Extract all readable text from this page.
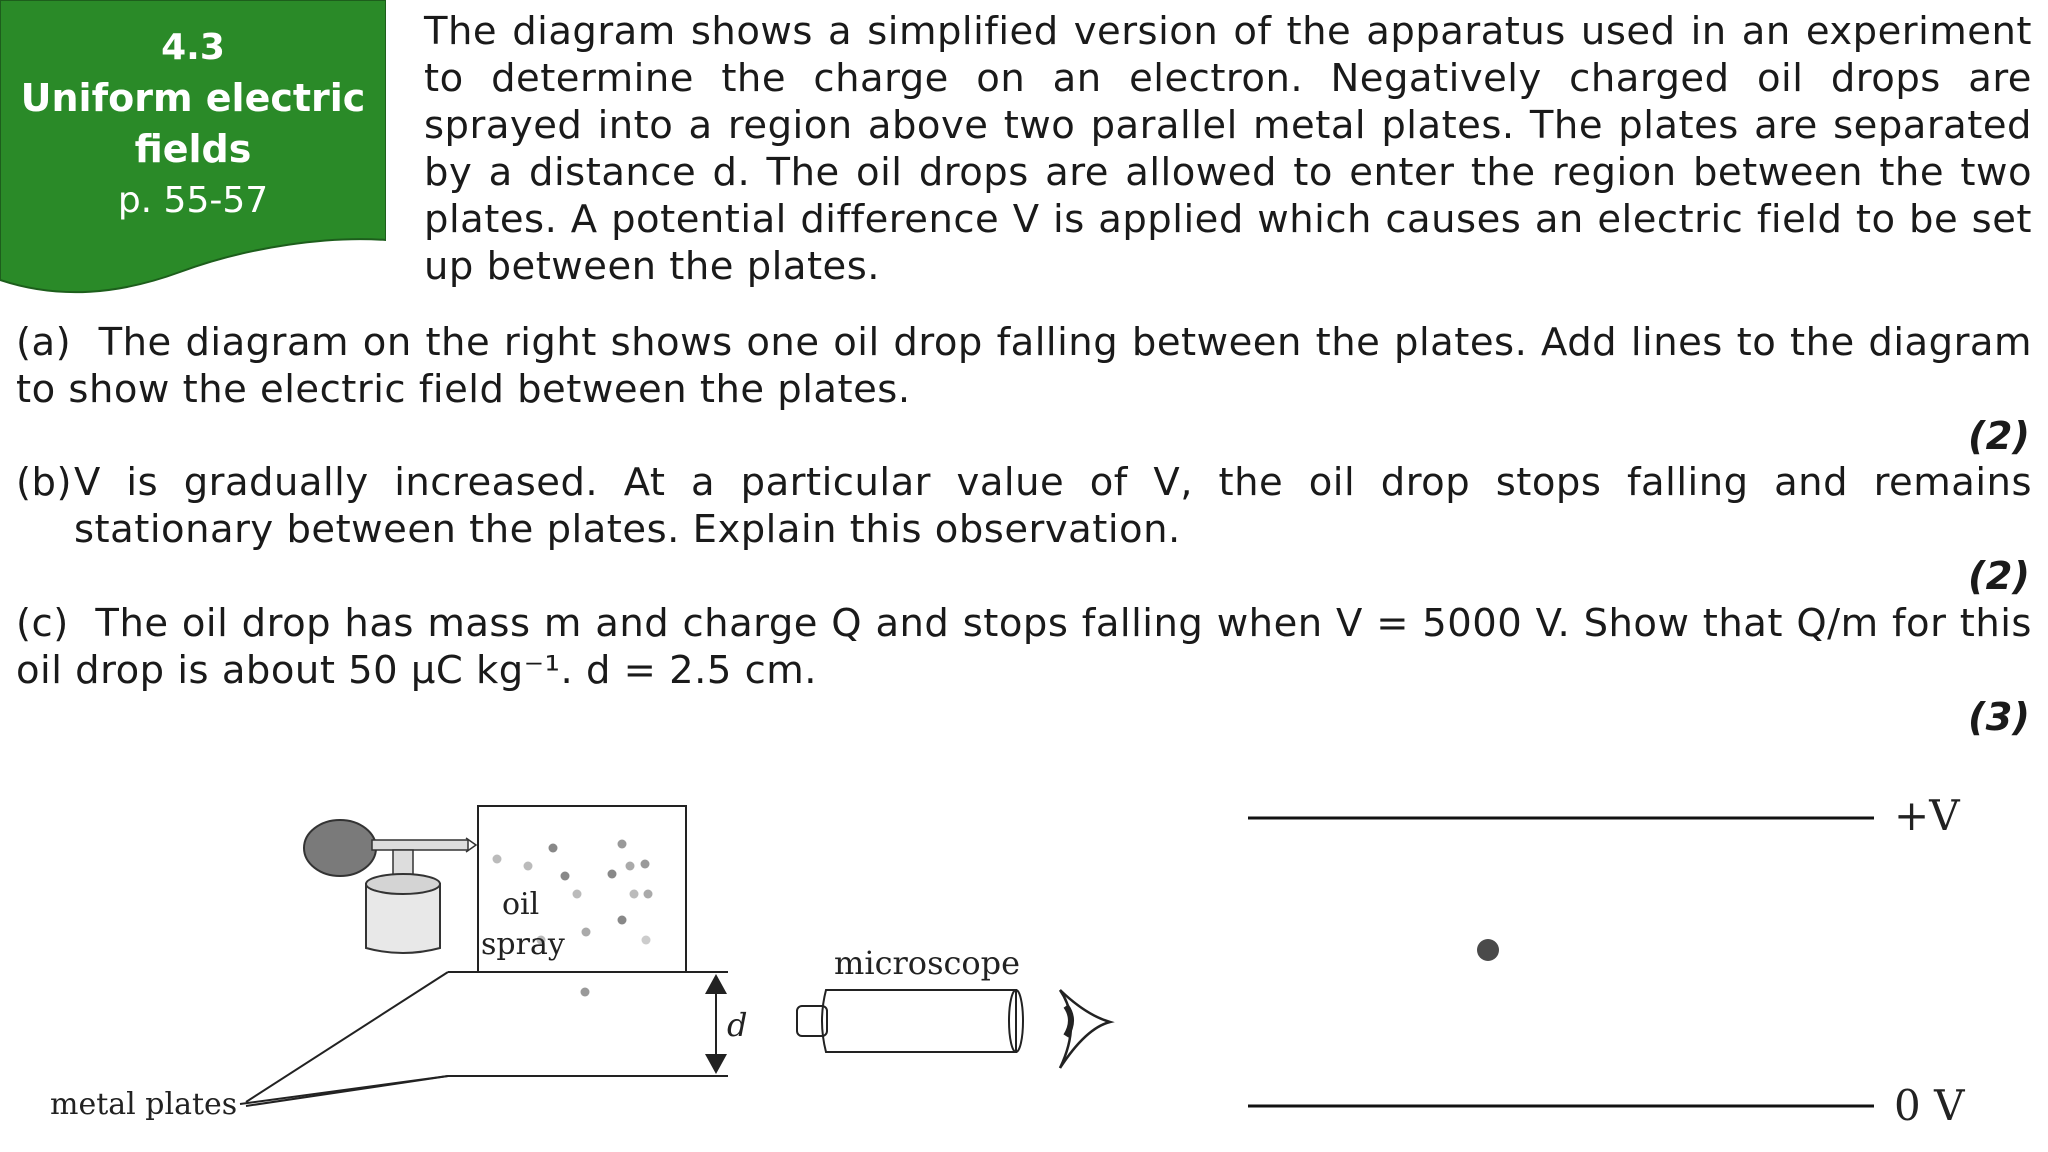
4.3
Uniform electric
fields
p. 55-57
The diagram shows a simplified version of the apparatus used in an experiment to determine the charge on an electron. Negatively charged oil drops are sprayed into a region above two parallel metal plates. The plates are separated by a distance d. The oil drops are allowed to enter the region between the two plates. A potential difference V is applied which causes an electric field to be set up between the plates.
(a) The diagram on the right shows one oil drop falling between the plates. Add lines to the diagram to show the electric field between the plates.
(2)
(b) V is gradually increased. At a particular value of V, the oil drop stops falling and remains stationary between the plates. Explain this observation.
(2)
(c) The oil drop has mass m and charge Q and stops falling when V = 5000 V. Show that Q/m for this oil drop is about 50 μC kg⁻¹. d = 2.5 cm.
(3)
oil
spray
d
microscope
metal plates
+V
0 V
